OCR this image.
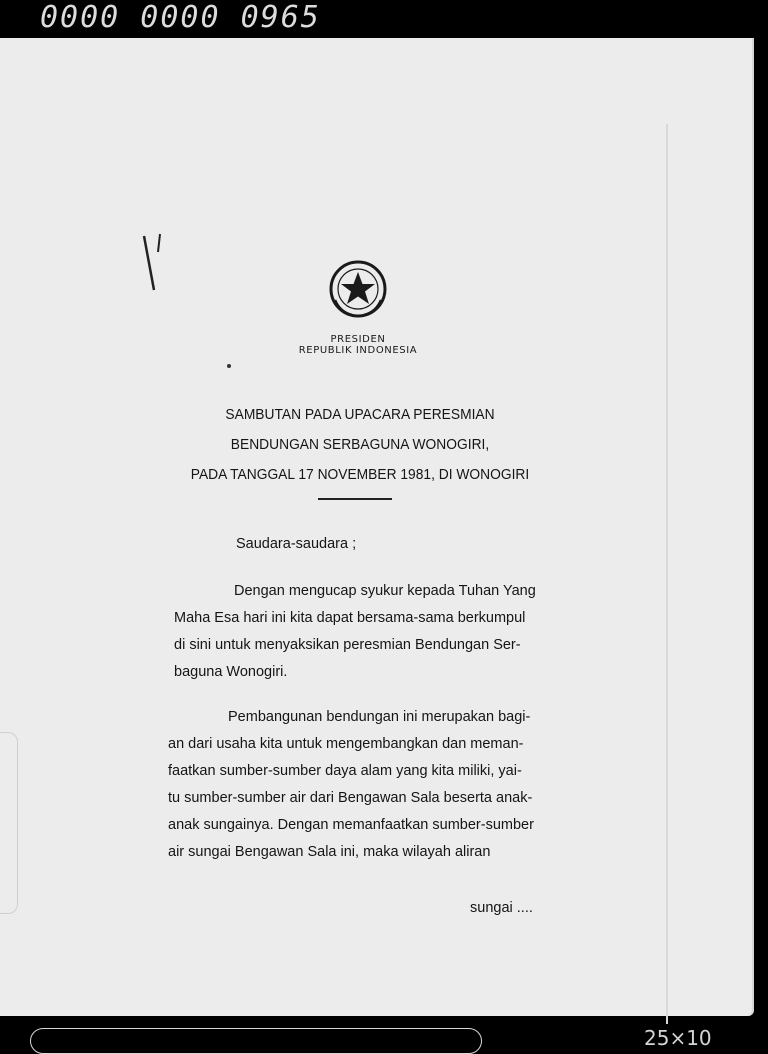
0000 0000 0965
25×10
PRESIDEN
REPUBLIK INDONESIA
SAMBUTAN PADA UPACARA PERESMIAN
BENDUNGAN SERBAGUNA WONOGIRI,
PADA TANGGAL 17 NOVEMBER 1981, DI WONOGIRI
Saudara-saudara ;
Dengan mengucap syukur kepada Tuhan Yang
Maha Esa hari ini kita dapat bersama-sama berkumpul
di sini untuk menyaksikan peresmian Bendungan Ser-
baguna Wonogiri.
Pembangunan bendungan ini merupakan bagi-
an dari usaha kita untuk mengembangkan dan meman-
faatkan sumber-sumber daya alam yang kita miliki, yai-
tu sumber-sumber air dari Bengawan Sala beserta anak-
anak sungainya. Dengan memanfaatkan sumber-sumber
air sungai Bengawan Sala ini, maka wilayah aliran
sungai ....
